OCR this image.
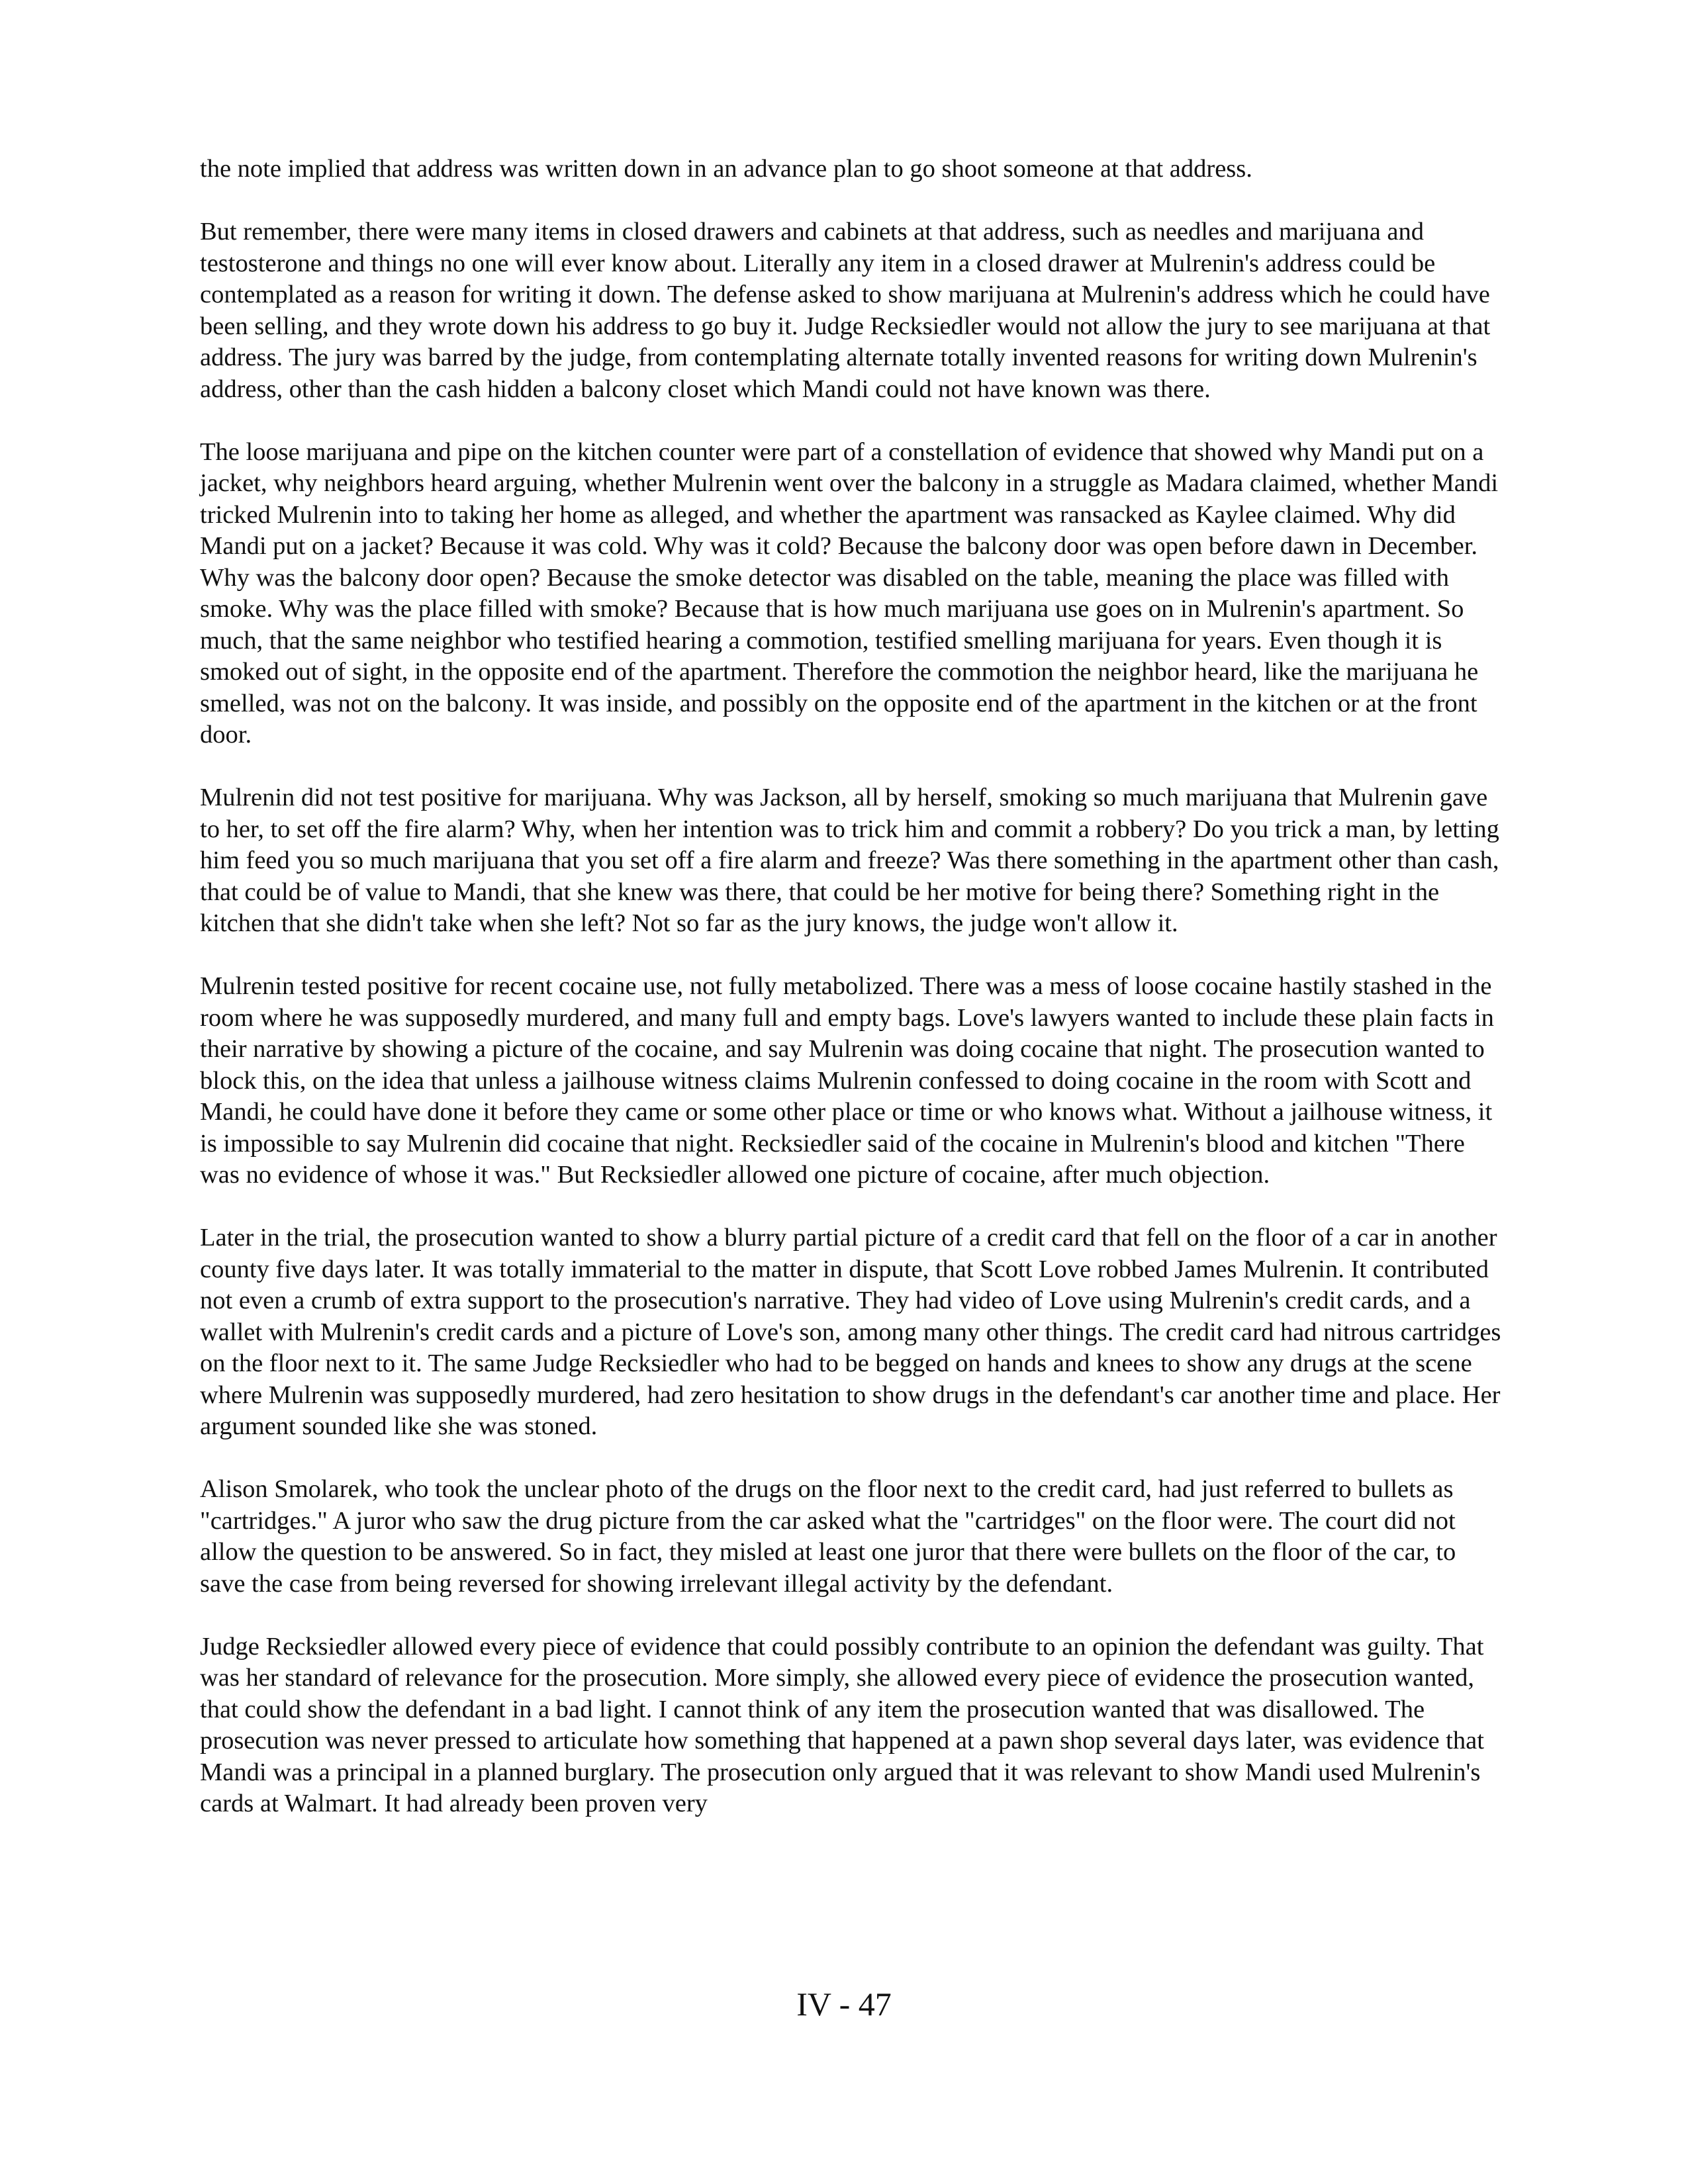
the note implied that address was written down in an advance plan to go shoot someone at that address.

But remember, there were many items in closed drawers and cabinets at that address, such as needles and marijuana and testosterone and things no one will ever know about. Literally any item in a closed drawer at Mulrenin's address could be contemplated as a reason for writing it down. The defense asked to show marijuana at Mulrenin's address which he could have been selling, and they wrote down his address to go buy it. Judge Recksiedler would not allow the jury to see marijuana at that address. The jury was barred by the judge, from contemplating alternate totally invented reasons for writing down Mulrenin's address, other than the cash hidden a balcony closet which Mandi could not have known was there.

The loose marijuana and pipe on the kitchen counter were part of a constellation of evidence that showed why Mandi put on a jacket, why neighbors heard arguing, whether Mulrenin went over the balcony in a struggle as Madara claimed, whether Mandi tricked Mulrenin into to taking her home as alleged, and whether the apartment was ransacked as Kaylee claimed. Why did Mandi put on a jacket? Because it was cold. Why was it cold? Because the balcony door was open before dawn in December. Why was the balcony door open? Because the smoke detector was disabled on the table, meaning the place was filled with smoke. Why was the place filled with smoke? Because that is how much marijuana use goes on in Mulrenin's apartment. So much, that the same neighbor who testified hearing a commotion, testified smelling marijuana for years. Even though it is smoked out of sight, in the opposite end of the apartment. Therefore the commotion the neighbor heard, like the marijuana he smelled, was not on the balcony. It was inside, and possibly on the opposite end of the apartment in the kitchen or at the front door.

Mulrenin did not test positive for marijuana. Why was Jackson, all by herself, smoking so much marijuana that Mulrenin gave to her, to set off the fire alarm? Why, when her intention was to trick him and commit a robbery? Do you trick a man, by letting him feed you so much marijuana that you set off a fire alarm and freeze? Was there something in the apartment other than cash, that could be of value to Mandi, that she knew was there, that could be her motive for being there? Something right in the kitchen that she didn't take when she left? Not so far as the jury knows, the judge won't allow it.

Mulrenin tested positive for recent cocaine use, not fully metabolized. There was a mess of loose cocaine hastily stashed in the room where he was supposedly murdered, and many full and empty bags. Love's lawyers wanted to include these plain facts in their narrative by showing a picture of the cocaine, and say Mulrenin was doing cocaine that night. The prosecution wanted to block this, on the idea that unless a jailhouse witness claims Mulrenin confessed to doing cocaine in the room with Scott and Mandi, he could have done it before they came or some other place or time or who knows what. Without a jailhouse witness, it is impossible to say Mulrenin did cocaine that night. Recksiedler said of the cocaine in Mulrenin's blood and kitchen "There was no evidence of whose it was." But Recksiedler allowed one picture of cocaine, after much objection.

Later in the trial, the prosecution wanted to show a blurry partial picture of a credit card that fell on the floor of a car in another county five days later. It was totally immaterial to the matter in dispute, that Scott Love robbed James Mulrenin. It contributed not even a crumb of extra support to the prosecution's narrative. They had video of Love using Mulrenin's credit cards, and a wallet with Mulrenin's credit cards and a picture of Love's son, among many other things. The credit card had nitrous cartridges on the floor next to it. The same Judge Recksiedler who had to be begged on hands and knees to show any drugs at the scene where Mulrenin was supposedly murdered, had zero hesitation to show drugs in the defendant's car another time and place. Her argument sounded like she was stoned.

Alison Smolarek, who took the unclear photo of the drugs on the floor next to the credit card, had just referred to bullets as "cartridges." A juror who saw the drug picture from the car asked what the "cartridges" on the floor were. The court did not allow the question to be answered. So in fact, they misled at least one juror that there were bullets on the floor of the car, to save the case from being reversed for showing irrelevant illegal activity by the defendant.

Judge Recksiedler allowed every piece of evidence that could possibly contribute to an opinion the defendant was guilty. That was her standard of relevance for the prosecution. More simply, she allowed every piece of evidence the prosecution wanted, that could show the defendant in a bad light. I cannot think of any item the prosecution wanted that was disallowed. The prosecution was never pressed to articulate how something that happened at a pawn shop several days later, was evidence that Mandi was a principal in a planned burglary. The prosecution only argued that it was relevant to show Mandi used Mulrenin's cards at Walmart. It had already been proven very

IV - 47
